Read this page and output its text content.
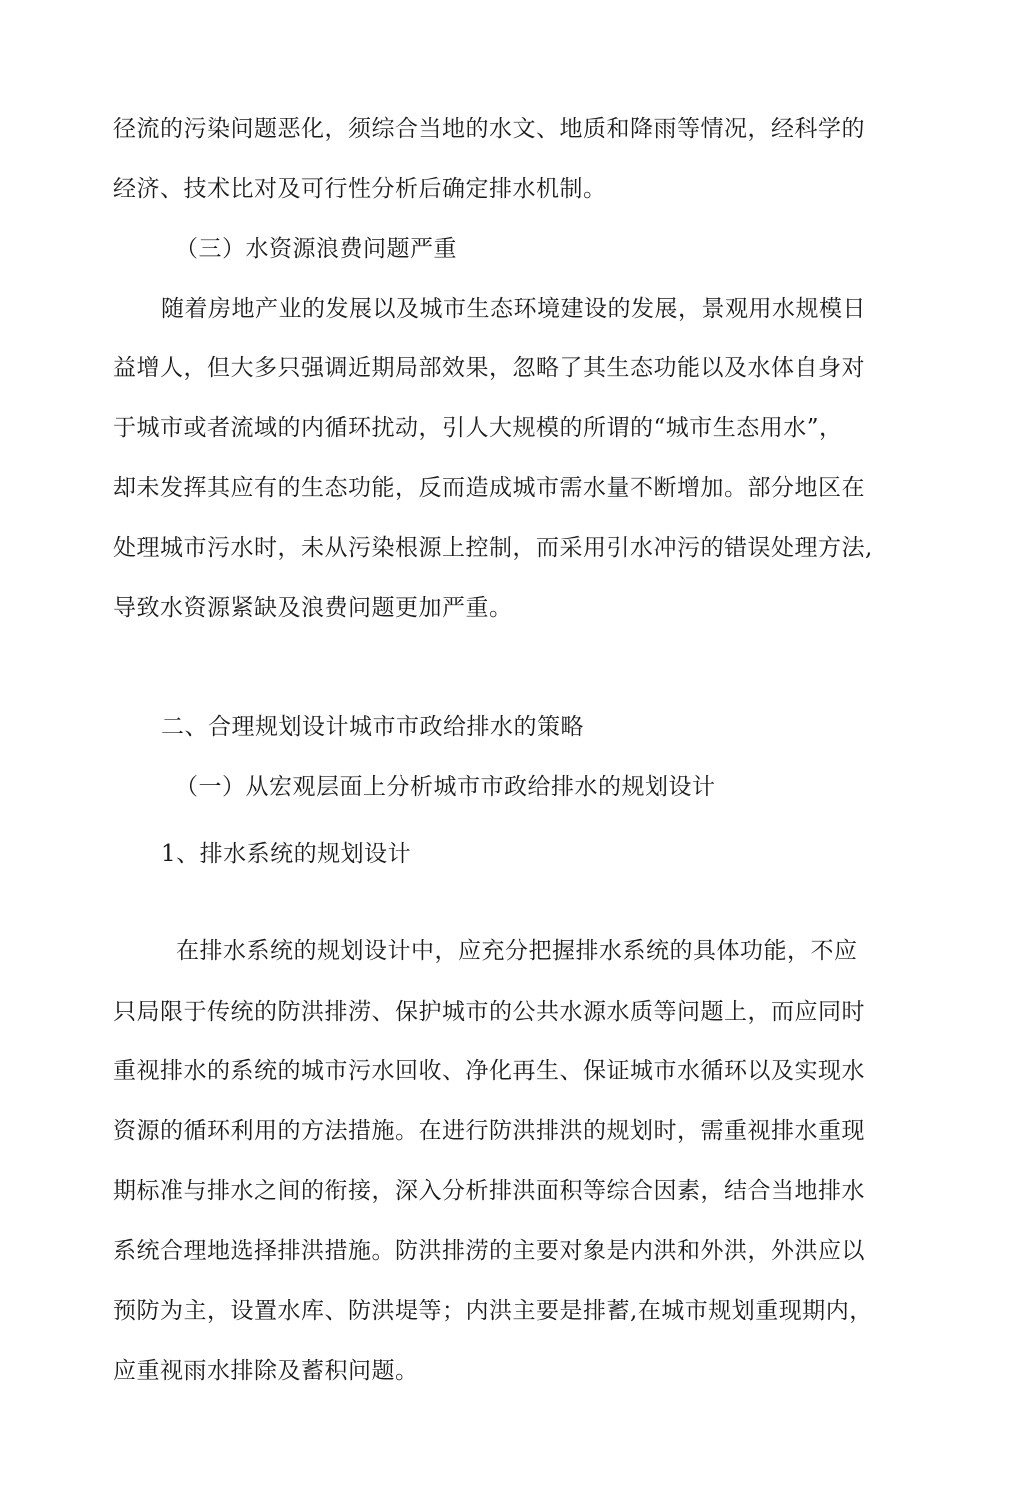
径流的污染问题恶化，须综合当地的水文、地质和降雨等情况，经科学的
经济、技术比对及可行性分析后确定排水机制。
（三）水资源浪费问题严重
随着房地产业的发展以及城市生态环境建设的发展，景观用水规模日
益增人，但大多只强调近期局部效果，忽略了其生态功能以及水体自身对
于城市或者流域的内循环扰动，引人大规模的所谓的“城市生态用水”，
却未发挥其应有的生态功能，反而造成城市需水量不断增加。部分地区在
处理城市污水时，未从污染根源上控制，而采用引水冲污的错误处理方法,
导致水资源紧缺及浪费问题更加严重。
二、合理规划设计城市市政给排水的策略
（一）从宏观层面上分析城市市政给排水的规划设计
1、排水系统的规划设计
在排水系统的规划设计中，应充分把握排水系统的具体功能，不应
只局限于传统的防洪排涝、保护城市的公共水源水质等问题上，而应同时
重视排水的系统的城市污水回收、净化再生、保证城市水循环以及实现水
资源的循环利用的方法措施。在进行防洪排洪的规划时，需重视排水重现
期标准与排水之间的衔接，深入分析排洪面积等综合因素，结合当地排水
系统合理地选择排洪措施。防洪排涝的主要对象是内洪和外洪，外洪应以
预防为主，设置水库、防洪堤等；内洪主要是排蓄,在城市规划重现期内，
应重视雨水排除及蓄积问题。
